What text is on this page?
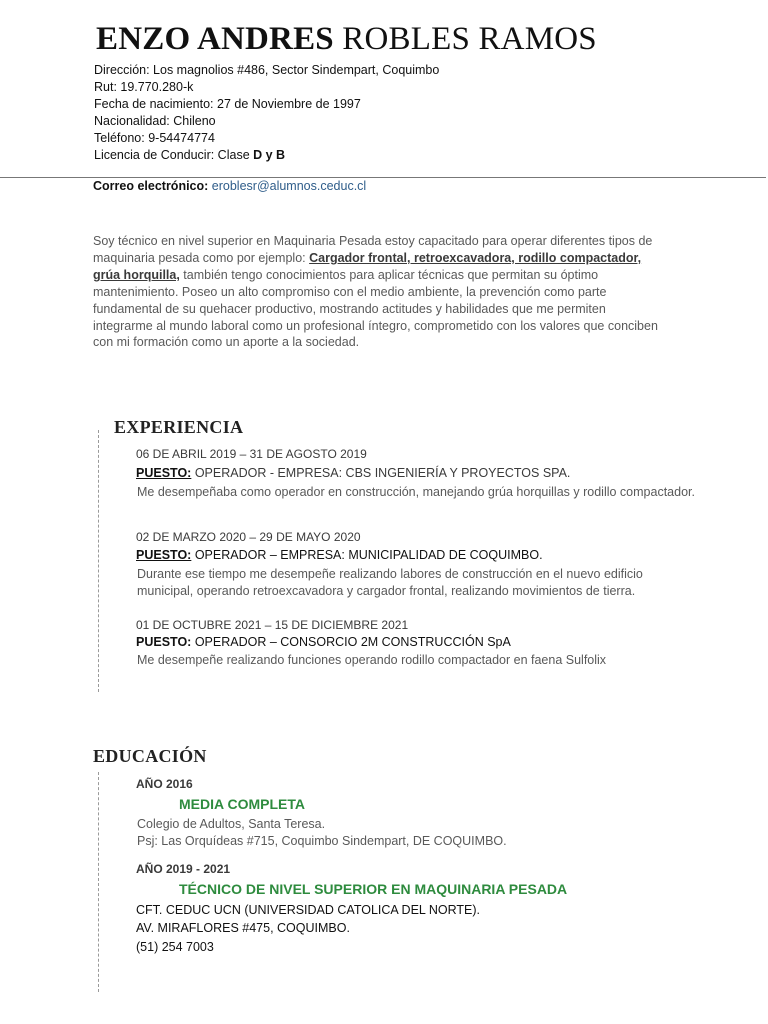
ENZO ANDRES ROBLES RAMOS
Dirección: Los magnolios #486, Sector Sindempart, Coquimbo
Rut: 19.770.280-k
Fecha de nacimiento: 27 de Noviembre de 1997
Nacionalidad: Chileno
Teléfono: 9-54474774
Licencia de Conducir: Clase D y B
Correo electrónico: eroblesr@alumnos.ceduc.cl
Soy técnico en nivel superior en Maquinaria Pesada estoy capacitado para operar diferentes tipos de maquinaria pesada como por ejemplo: Cargador frontal, retroexcavadora, rodillo compactador, grúa horquilla, también tengo conocimientos para aplicar técnicas que permitan su óptimo mantenimiento. Poseo un alto compromiso con el medio ambiente, la prevención como parte fundamental de su quehacer productivo, mostrando actitudes y habilidades que me permiten integrarme al mundo laboral como un profesional íntegro, comprometido con los valores que conciben con mi formación como un aporte a la sociedad.
EXPERIENCIA
06 DE ABRIL 2019 – 31 DE AGOSTO 2019
PUESTO: OPERADOR - EMPRESA: CBS INGENIERÍA Y PROYECTOS SPA.
Me desempeñaba como operador en construcción, manejando grúa horquillas y rodillo compactador.
02 DE MARZO 2020 – 29 DE MAYO 2020
PUESTO: OPERADOR – EMPRESA: MUNICIPALIDAD DE COQUIMBO.
Durante ese tiempo me desempeñe realizando labores de construcción en el nuevo edificio municipal, operando retroexcavadora y cargador frontal, realizando movimientos de tierra.
01 DE OCTUBRE 2021 – 15 DE DICIEMBRE 2021
PUESTO: OPERADOR – CONSORCIO 2M CONSTRUCCIÓN SpA
Me desempeñe realizando funciones operando rodillo compactador en faena Sulfolix
EDUCACIÓN
AÑO 2016
MEDIA COMPLETA
Colegio de Adultos, Santa Teresa.
Psj: Las Orquídeas #715, Coquimbo Sindempart, DE COQUIMBO.
AÑO 2019 - 2021
TÉCNICO DE NIVEL SUPERIOR EN MAQUINARIA PESADA
CFT. CEDUC UCN (UNIVERSIDAD CATOLICA DEL NORTE).
AV. MIRAFLORES #475, COQUIMBO.
(51) 254 7003
